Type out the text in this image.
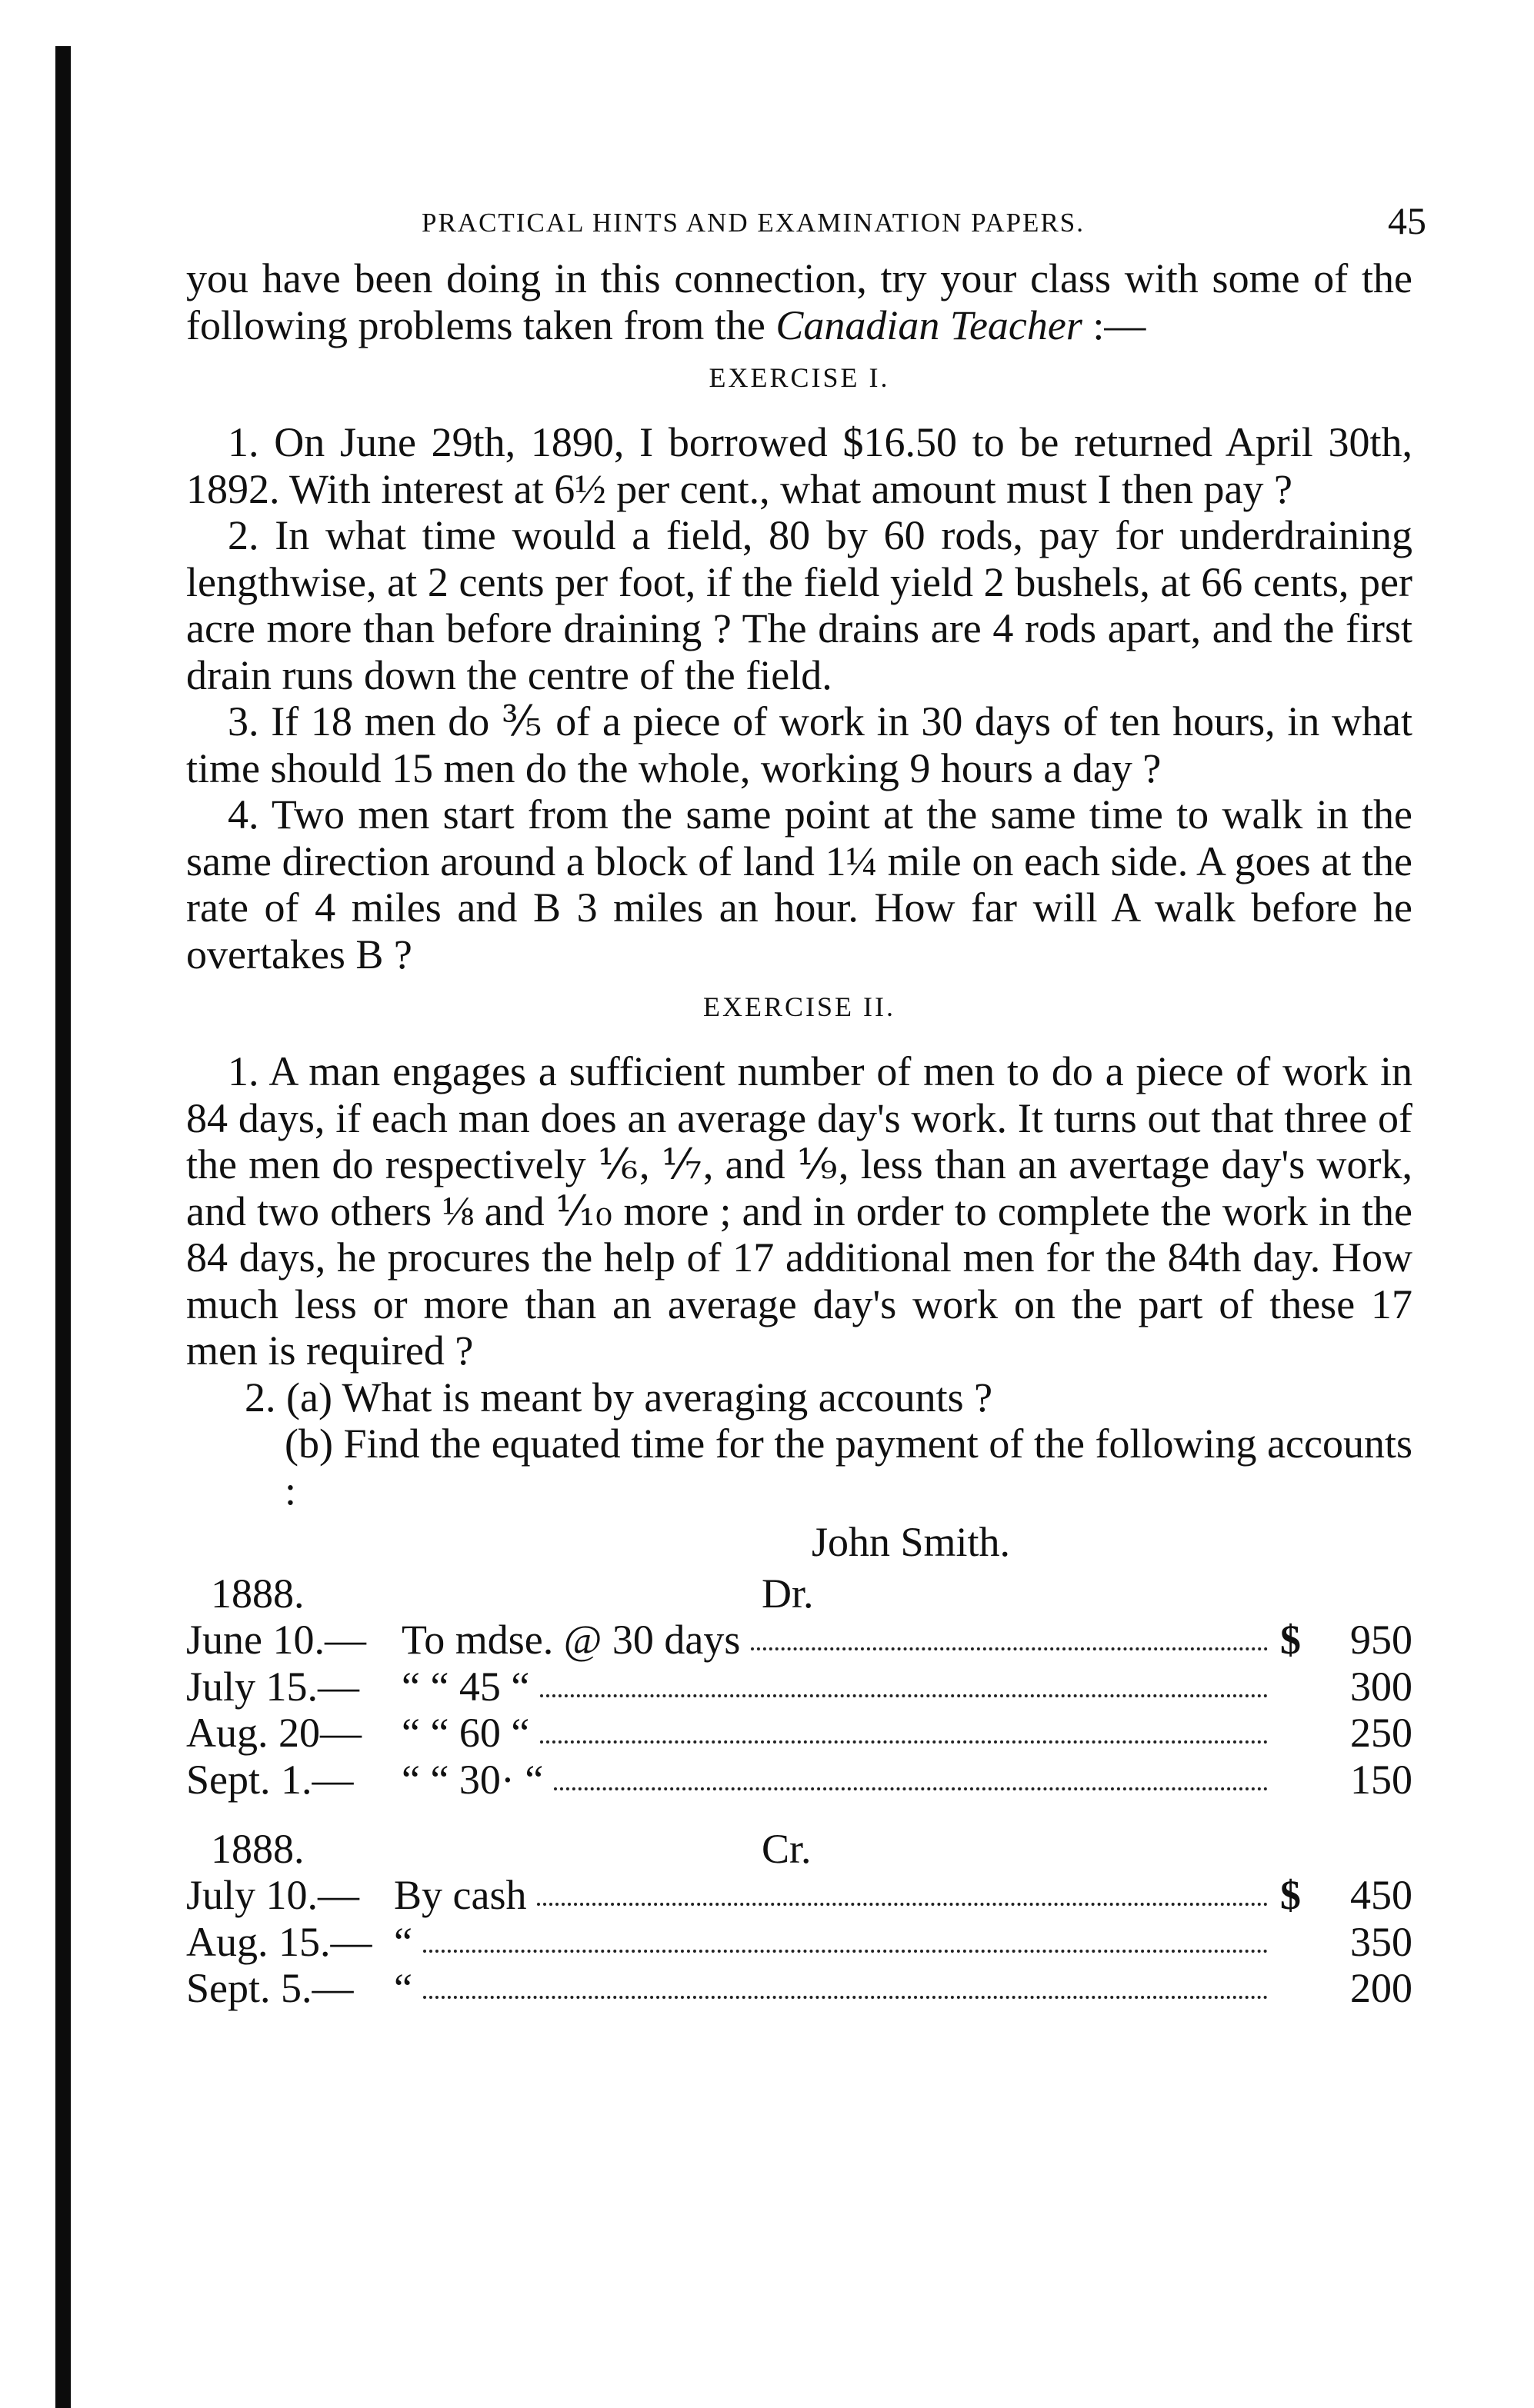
PRACTICAL HINTS AND EXAMINATION PAPERS.	45

you have been doing in this connection, try your class with some of the following problems taken from the Canadian Teacher :—

EXERCISE I.

1. On June 29th, 1890, I borrowed $16.50 to be returned April 30th, 1892. With interest at 6½ per cent., what amount must I then pay ?

2. In what time would a field, 80 by 60 rods, pay for underdraining lengthwise, at 2 cents per foot, if the field yield 2 bushels, at 66 cents, per acre more than before draining ? The drains are 4 rods apart, and the first drain runs down the centre of the field.

3. If 18 men do ⅗ of a piece of work in 30 days of ten hours, in what time should 15 men do the whole, working 9 hours a day ?

4. Two men start from the same point at the same time to walk in the same direction around a block of land 1¼ mile on each side. A goes at the rate of 4 miles and B 3 miles an hour. How far will A walk before he overtakes B ?

EXERCISE II.

1. A man engages a sufficient number of men to do a piece of work in 84 days, if each man does an average day's work. It turns out that three of the men do respectively ⅙, ⅐, and ⅑, less than an avertage day's work, and two others ⅛ and ⅒ more ; and in order to complete the work in the 84 days, he procures the help of 17 additional men for the 84th day. How much less or more than an average day's work on the part of these 17 men is required ?

2. (a) What is meant by averaging accounts ?

(b) Find the equated time for the payment of the following accounts :

John Smith.
1888.	Dr.
June 10.— To mdse. @ 30 days	$ 950
July 15.— “ “ 45 “	300
Aug. 20— “ “ 60 “	250
Sept. 1.— “ “ 30· “	150
1888.	Cr.
July 10.— By cash	$ 450
Aug. 15.— “	350
Sept. 5.— “	200
